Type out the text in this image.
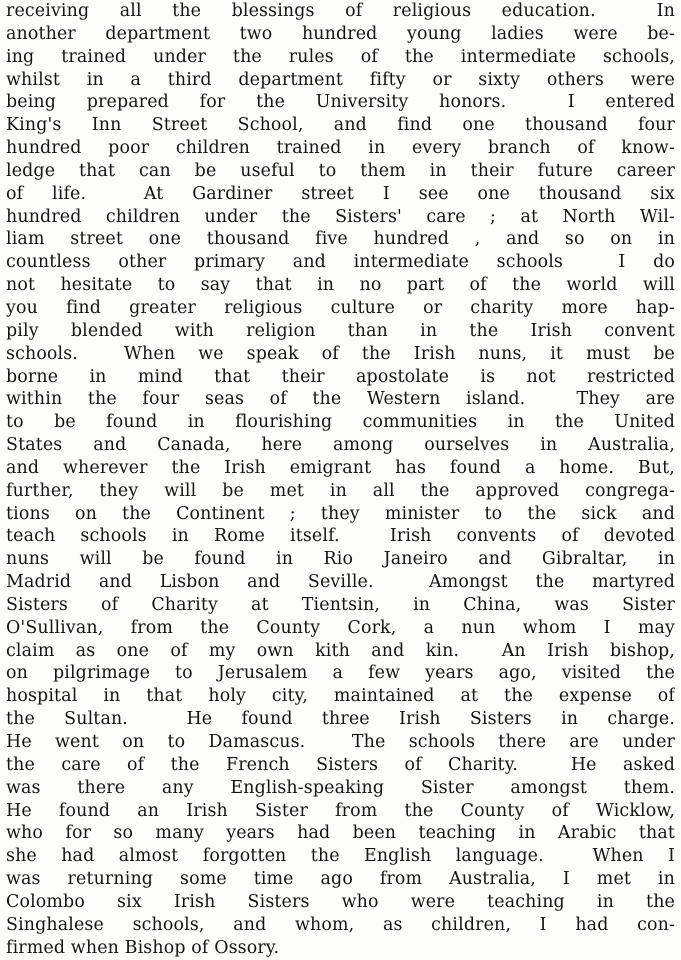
receiving all the blessings of religious education.  In
another department two hundred young ladies were be-
ing trained under the rules of the intermediate schools,
whilst in a third department fifty or sixty others were
being prepared for the University honors.  I entered
King's Inn Street School, and find one thousand four
hundred poor children trained in every branch of know-
ledge that can be useful to them in their future career
of life.  At Gardiner street I see one thousand six
hundred children under the Sisters' care ; at North Wil-
liam street one thousand five hundred , and so on in
countless other primary and intermediate schools  I do
not hesitate to say that in no part of the world will
you find greater religious culture or charity more hap-
pily blended with religion than in the Irish convent
schools.  When we speak of the Irish nuns, it must be
borne in mind that their apostolate is not restricted
within the four seas of the Western island.  They are
to be found in flourishing communities in the United
States and Canada, here among ourselves in Australia,
and wherever the Irish emigrant has found a home. But,
further, they will be met in all the approved congrega-
tions on the Continent ; they minister to the sick and
teach schools in Rome itself.  Irish convents of devoted
nuns will be found in Rio Janeiro and Gibraltar, in
Madrid and Lisbon and Seville.  Amongst the martyred
Sisters of Charity at Tientsin, in China, was Sister
O'Sullivan, from the County Cork, a nun whom I may
claim as one of my own kith and kin.  An Irish bishop,
on pilgrimage to Jerusalem a few years ago, visited the
hospital in that holy city, maintained at the expense of
the Sultan.  He found three Irish Sisters in charge.
He went on to Damascus.  The schools there are under
the care of the French Sisters of Charity.  He asked
was there any English-speaking Sister amongst them.
He found an Irish Sister from the County of Wicklow,
who for so many years had been teaching in Arabic that
she had almost forgotten the English language.  When I
was returning some time ago from Australia, I met in
Colombo six Irish Sisters who were teaching in the
Singhalese schools, and whom, as children, I had con-
firmed when Bishop of Ossory.
